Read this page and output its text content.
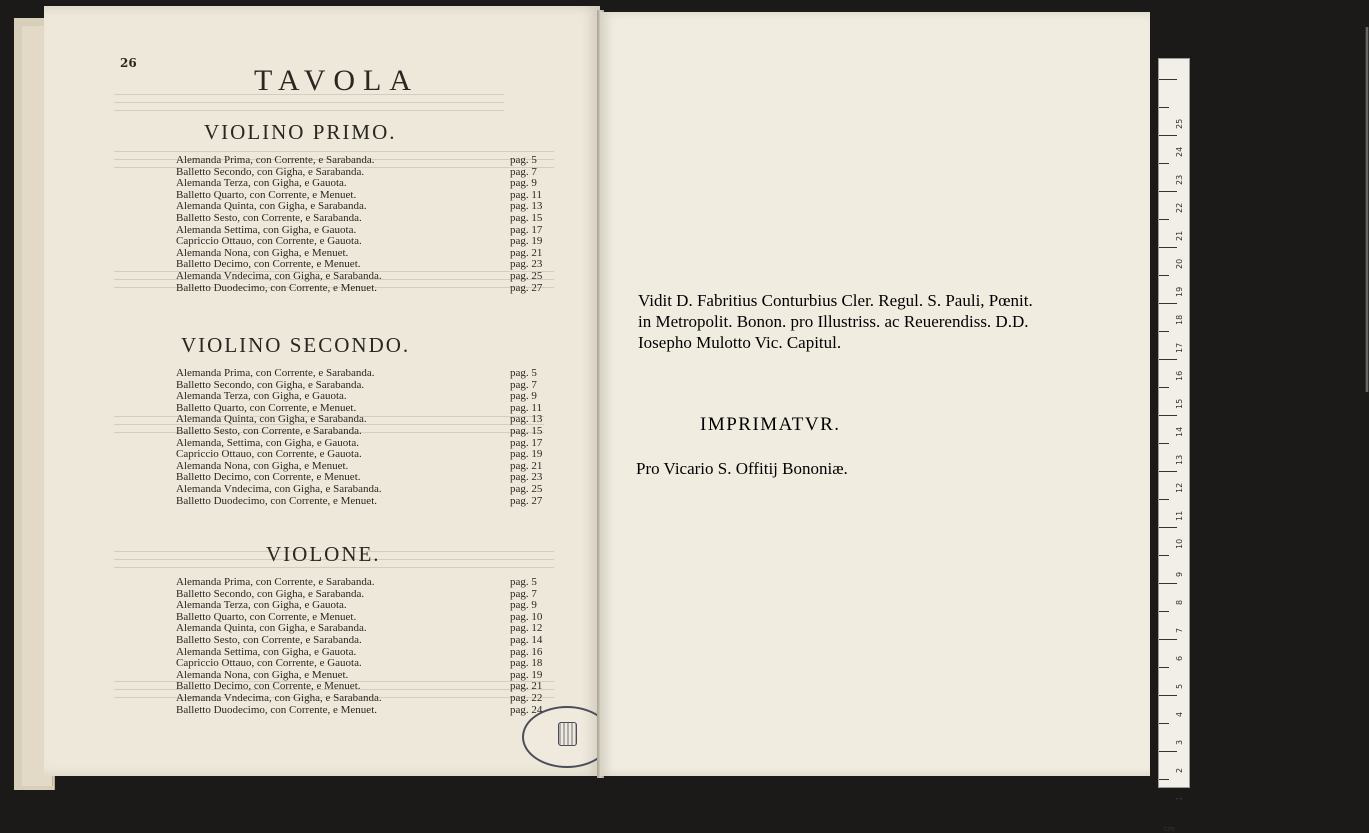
26
TAVOLA
VIOLINO PRIMO.
Alemanda Prima, con Corrente, e Sarabanda.	pag. 5
Balletto Secondo, con Gigha, e Sarabanda.	pag. 7
Alemanda Terza, con Gigha, e Gauota.	pag. 9
Balletto Quarto, con Corrente, e Menuet.	pag. 11
Alemanda Quinta, con Gigha, e Sarabanda.	pag. 13
Balletto Sesto, con Corrente, e Sarabanda.	pag. 15
Alemanda Settima, con Gigha, e Gauota.	pag. 17
Capriccio Ottauo, con Corrente, e Gauota.	pag. 19
Alemanda Nona, con Gigha, e Menuet.	pag. 21
Balletto Decimo, con Corrente, e Menuet.	pag. 23
Alemanda Vndecima, con Gigha, e Sarabanda.	pag. 25
Balletto Duodecimo, con Corrente, e Menuet.	pag. 27
VIOLINO SECONDO.
Alemanda Prima, con Corrente, e Sarabanda.	pag. 5
Balletto Secondo, con Gigha, e Sarabanda.	pag. 7
Alemanda Terza, con Gigha, e Gauota.	pag. 9
Balletto Quarto, con Corrente, e Menuet.	pag. 11
Alemanda Quinta, con Gigha, e Sarabanda.	pag. 13
Balletto Sesto, con Corrente, e Sarabanda.	pag. 15
Alemanda, Settima, con Gigha, e Gauota.	pag. 17
Capriccio Ottauo, con Corrente, e Gauota.	pag. 19
Alemanda Nona, con Gigha, e Menuet.	pag. 21
Balletto Decimo, con Corrente, e Menuet.	pag. 23
Alemanda Vndecima, con Gigha, e Sarabanda.	pag. 25
Balletto Duodecimo, con Corrente, e Menuet.	pag. 27
VIOLONE.
Alemanda Prima, con Corrente, e Sarabanda.	pag. 5
Balletto Secondo, con Gigha, e Sarabanda.	pag. 7
Alemanda Terza, con Gigha, e Gauota.	pag. 9
Balletto Quarto, con Corrente, e Menuet.	pag. 10
Alemanda Quinta, con Gigha, e Sarabanda.	pag. 12
Balletto Sesto, con Corrente, e Sarabanda.	pag. 14
Alemanda Settima, con Gigha, e Gauota.	pag. 16
Capriccio Ottauo, con Corrente, e Gauota.	pag. 18
Alemanda Nona, con Gigha, e Menuet.	pag. 19
Balletto Decimo, con Corrente, e Menuet.	pag. 21
Alemanda Vndecima, con Gigha, e Sarabanda.	pag. 22
Balletto Duodecimo, con Corrente, e Menuet.	pag. 24
Vidit D. Fabritius Conturbius Cler. Regul. S. Pauli, Pœnit.
in Metropolit. Bonon. pro Illustriss. ac Reuerendiss. D.D.
Iosepho Mulotto Vic. Capitul.
IMPRIMATVR.
Pro Vicario S. Offitij Bononiæ.
25
24
23
22
21
20
19
18
17
16
15
14
13
12
11
10
9
8
7
6
5
4
3
2
1
cm
